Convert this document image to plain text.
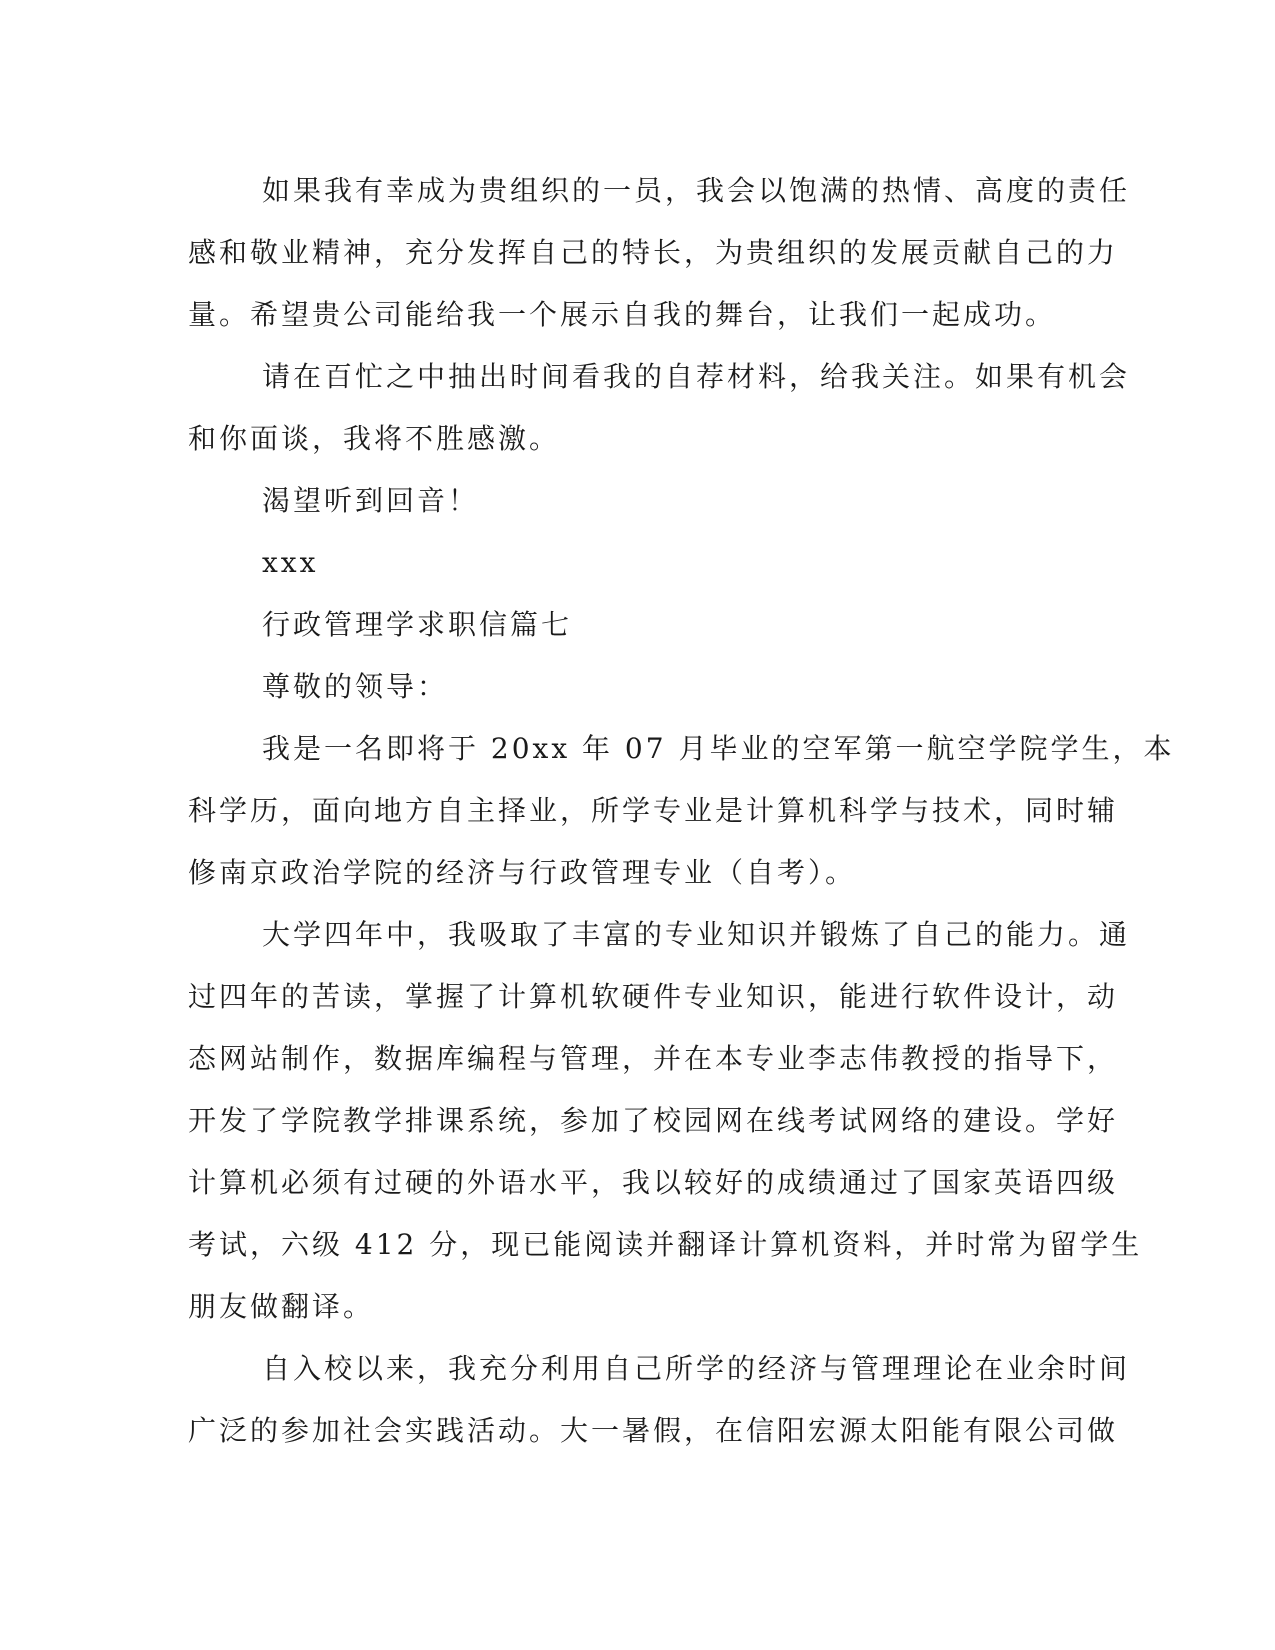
如果我有幸成为贵组织的一员，我会以饱满的热情、高度的责任
感和敬业精神，充分发挥自己的特长，为贵组织的发展贡献自己的力
量。希望贵公司能给我一个展示自我的舞台，让我们一起成功。
请在百忙之中抽出时间看我的自荐材料，给我关注。如果有机会
和你面谈，我将不胜感激。
渴望听到回音！
xxx
行政管理学求职信篇七
尊敬的领导：
我是一名即将于 20xx 年 07 月毕业的空军第一航空学院学生，本
科学历，面向地方自主择业，所学专业是计算机科学与技术，同时辅
修南京政治学院的经济与行政管理专业（自考）。
大学四年中，我吸取了丰富的专业知识并锻炼了自己的能力。通
过四年的苦读，掌握了计算机软硬件专业知识，能进行软件设计，动
态网站制作，数据库编程与管理，并在本专业李志伟教授的指导下，
开发了学院教学排课系统，参加了校园网在线考试网络的建设。学好
计算机必须有过硬的外语水平，我以较好的成绩通过了国家英语四级
考试，六级 412 分，现已能阅读并翻译计算机资料，并时常为留学生
朋友做翻译。
自入校以来，我充分利用自己所学的经济与管理理论在业余时间
广泛的参加社会实践活动。大一暑假，在信阳宏源太阳能有限公司做
